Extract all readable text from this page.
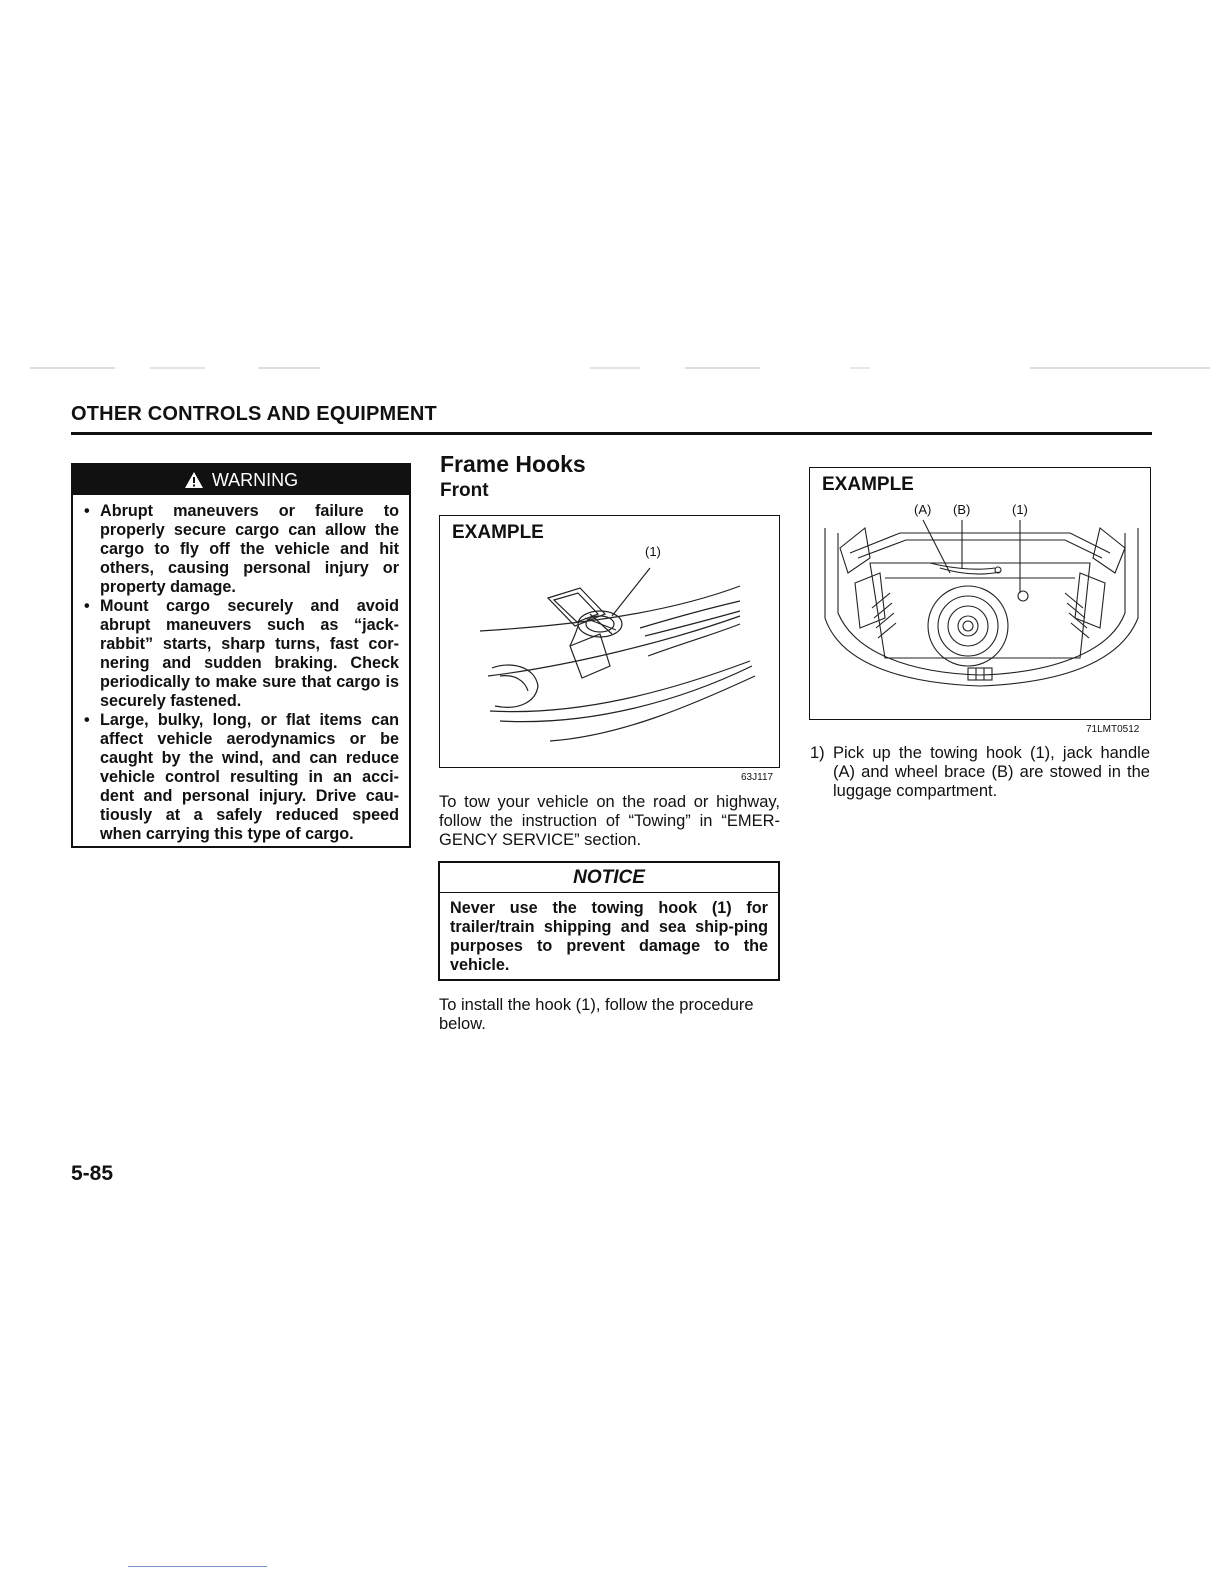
OTHER CONTROLS AND EQUIPMENT
WARNING
• Abrupt maneuvers or failure to properly secure cargo can allow the cargo to fly off the vehicle and hit others, causing personal injury or property damage.
• Mount cargo securely and avoid abrupt maneuvers such as “jack-rabbit” starts, sharp turns, fast cor-nering and sudden braking. Check periodically to make sure that cargo is securely fastened.
• Large, bulky, long, or flat items can affect vehicle aerodynamics or be caught by the wind, and can reduce vehicle control resulting in an acci-dent and personal injury. Drive cau-tiously at a safely reduced speed when carrying this type of cargo.
Frame Hooks
Front
EXAMPLE
(1)
63J117
To tow your vehicle on the road or highway, follow the instruction of “Towing” in “EMER-GENCY SERVICE” section.
NOTICE
Never use the towing hook (1) for trailer/train shipping and sea ship-ping purposes to prevent damage to the vehicle.
To install the hook (1), follow the procedure below.
EXAMPLE
(A) (B)	(1)
71LMT0512
1) Pick up the towing hook (1), jack handle (A) and wheel brace (B) are stowed in the luggage compartment.
5-85
